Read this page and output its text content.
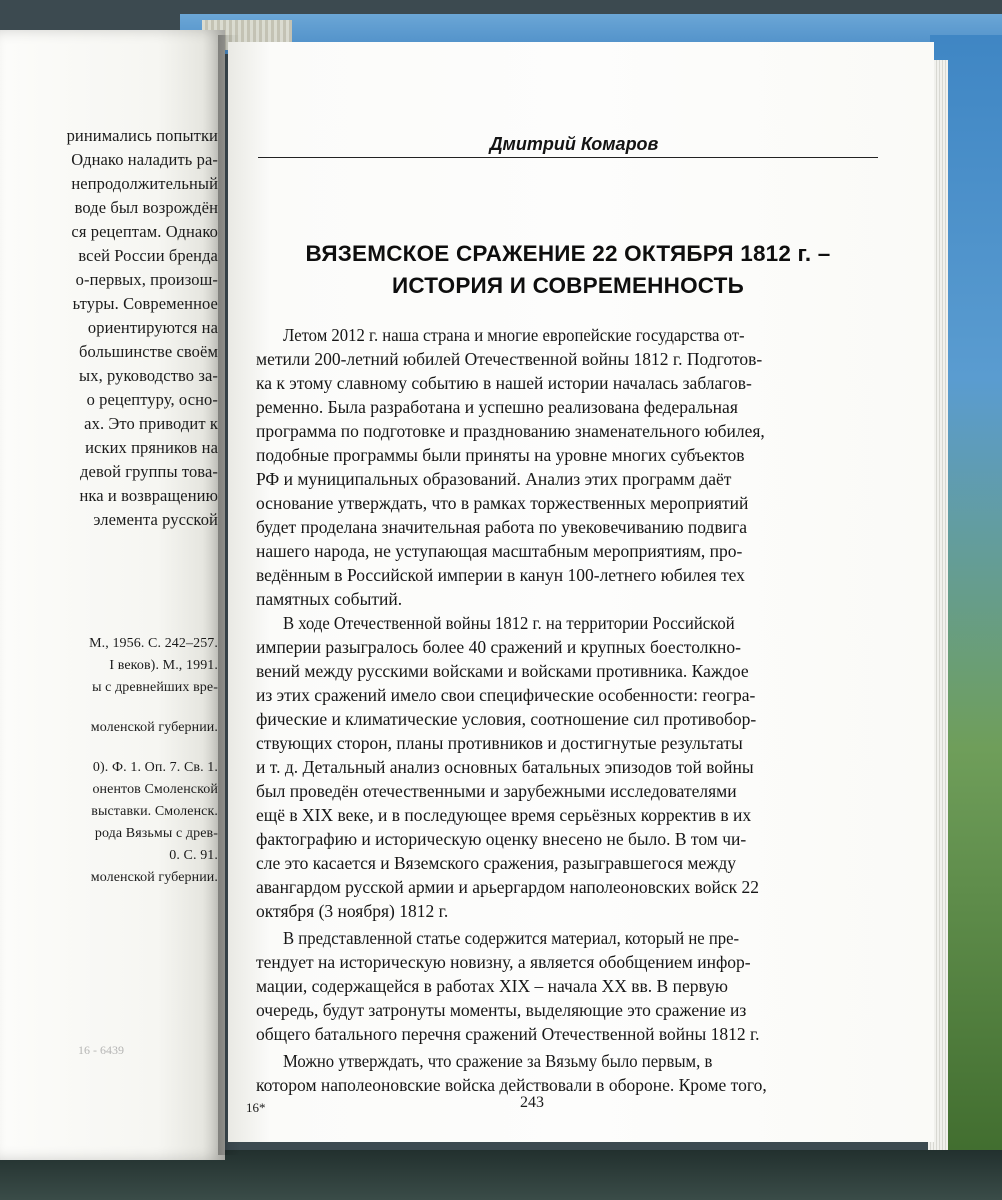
ринимались попытки
Однако наладить ра-
непродолжительный
воде был возрождён
ся рецептам. Однако
всей России бренда
о-первых, произош-
ьтуры. Современное
ориентируются на
большинстве своём
ых, руководство за-
о рецептуру, осно-
ах. Это приводит к
иских пряников на
девой группы това-
нка и возвращению
элемента русской
М., 1956. С. 242–257.
I веков). М., 1991.
ы с древнейших вре-
моленской губернии.
0). Ф. 1. Оп. 7. Св. 1.
онентов Смоленской
выставки. Смоленск.
рода Вязьмы с древ-
0. С. 91.
моленской губернии.
16 - 6439
Дмитрий Комаров
ВЯЗЕМСКОЕ СРАЖЕНИЕ 22 ОКТЯБРЯ 1812 г. –
ИСТОРИЯ И СОВРЕМЕННОСТЬ
Летом 2012 г. наша страна и многие европейские государства от-
метили 200-летний юбилей Отечественной войны 1812 г. Подготов-
ка к этому славному событию в нашей истории началась заблагов-
ременно. Была разработана и успешно реализована федеральная
программа по подготовке и празднованию знаменательного юбилея,
подобные программы были приняты на уровне многих субъектов
РФ и муниципальных образований. Анализ этих программ даёт
основание утверждать, что в рамках торжественных мероприятий
будет проделана значительная работа по увековечиванию подвига
нашего народа, не уступающая масштабным мероприятиям, про-
ведённым в Российской империи в канун 100-летнего юбилея тех
памятных событий.
В ходе Отечественной войны 1812 г. на территории Российской
империи разыгралось более 40 сражений и крупных боестолкно-
вений между русскими войсками и войсками противника. Каждое
из этих сражений имело свои специфические особенности: геогра-
фические и климатические условия, соотношение сил противобор-
ствующих сторон, планы противников и достигнутые результаты
и т. д. Детальный анализ основных батальных эпизодов той войны
был проведён отечественными и зарубежными исследователями
ещё в XIX веке, и в последующее время серьёзных корректив в их
фактографию и историческую оценку внесено не было. В том чи-
сле это касается и Вяземского сражения, разыгравшегося между
авангардом русской армии и арьергардом наполеоновских войск 22
октября (3 ноября) 1812 г.
В представленной статье содержится материал, который не пре-
тендует на историческую новизну, а является обобщением инфор-
мации, содержащейся в работах XIX – начала XX вв. В первую
очередь, будут затронуты моменты, выделяющие это сражение из
общего батального перечня сражений Отечественной войны 1812 г.
Можно утверждать, что сражение за Вязьму было первым, в
котором наполеоновские войска действовали в обороне. Кроме того,
16*	243
